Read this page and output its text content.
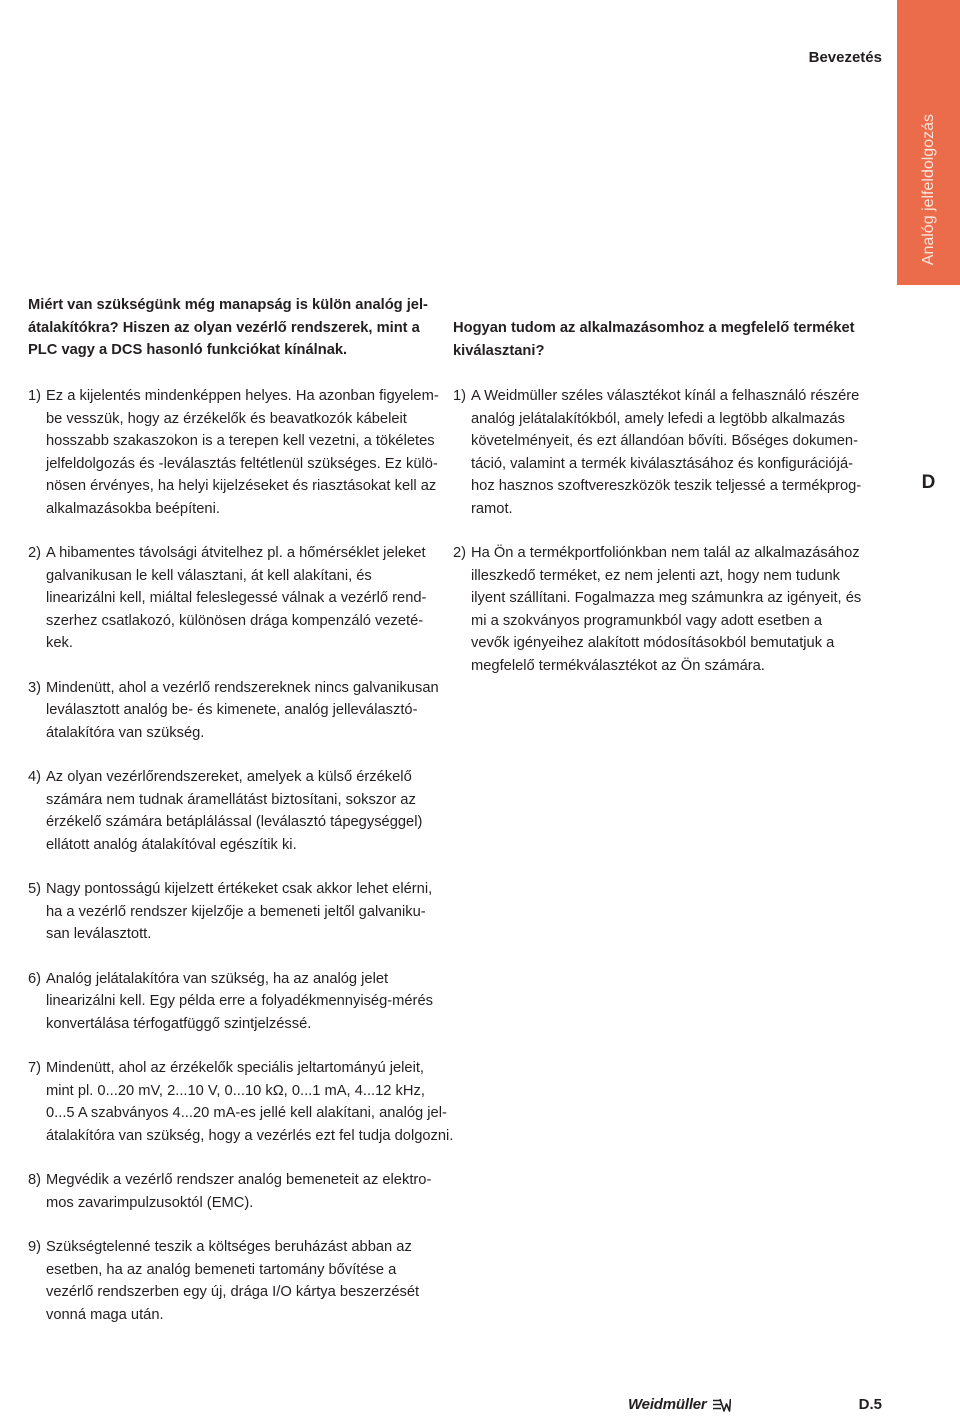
Analóg jelfeldolgozás
Bevezetés
D
Miért van szükségünk még manapság is külön analóg jel-
átalakítókra? Hiszen az olyan vezérlő rendszerek, mint a
PLC vagy a DCS hasonló funkciókat kínálnak.
1) Ez a kijelentés mindenképpen helyes. Ha azonban figyelem-
be vesszük, hogy az érzékelők és beavatkozók kábeleit
hosszabb szakaszokon is a terepen kell vezetni, a tökéletes
jelfeldolgozás és -leválasztás feltétlenül szükséges. Ez külö-
nösen érvényes, ha helyi kijelzéseket és riasztásokat kell az
alkalmazásokba beépíteni.
2) A hibamentes távolsági átvitelhez pl. a hőmérséklet jeleket
galvanikusan le kell választani, át kell alakítani, és
linearizálni kell, miáltal feleslegessé válnak a vezérlő rend-
szerhez csatlakozó, különösen drága kompenzáló vezeté-
kek.
3) Mindenütt, ahol a vezérlő rendszereknek nincs galvanikusan
leválasztott analóg be- és kimenete, analóg jelleválasztó-
átalakítóra van szükség.
4) Az olyan vezérlőrendszereket, amelyek a külső érzékelő
számára nem tudnak áramellátást biztosítani, sokszor az
érzékelő számára betáplálással (leválasztó tápegységgel)
ellátott analóg átalakítóval egészítik ki.
5) Nagy pontosságú kijelzett értékeket csak akkor lehet elérni,
ha a vezérlő rendszer kijelzője a bemeneti jeltől galvaniku-
san leválasztott.
6) Analóg jelátalakítóra van szükség, ha az analóg jelet
linearizálni kell. Egy példa erre a folyadékmennyiség-mérés
konvertálása térfogatfüggő szintjelzéssé.
7) Mindenütt, ahol az érzékelők speciális jeltartományú jeleit,
mint pl. 0...20 mV, 2...10 V, 0...10 kΩ, 0...1 mA, 4...12 kHz,
0...5 A szabványos 4...20 mA-es jellé kell alakítani, analóg jel-
átalakítóra van szükség, hogy a vezérlés ezt fel tudja dolgozni.
8) Megvédik a vezérlő rendszer analóg bemeneteit az elektro-
mos zavarimpulzusoktól (EMC).
9) Szükségtelenné teszik a költséges beruházást abban az
esetben, ha az analóg bemeneti tartomány bővítése a
vezérlő rendszerben egy új, drága I/O kártya beszerzését
vonná maga után.
Hogyan tudom az alkalmazásomhoz a megfelelő terméket
kiválasztani?
1) A Weidmüller széles választékot kínál a felhasználó részére
analóg jelátalakítókból, amely lefedi a legtöbb alkalmazás
követelményeit, és ezt állandóan bővíti. Bőséges dokumen-
táció, valamint a termék kiválasztásához és konfigurációjá-
hoz hasznos szoftvereszközök teszik teljessé a termékprog-
ramot.
2) Ha Ön a termékportfoliónkban nem talál az alkalmazásához
illeszkedő terméket, ez nem jelenti azt, hogy nem tudunk
ilyent szállítani. Fogalmazza meg számunkra az igényeit, és
mi a szokványos programunkból vagy adott esetben a
vevők igényeihez alakított módosításokból bemutatjuk a
megfelelő termékválasztékot az Ön számára.
Weidmüller	D.5
